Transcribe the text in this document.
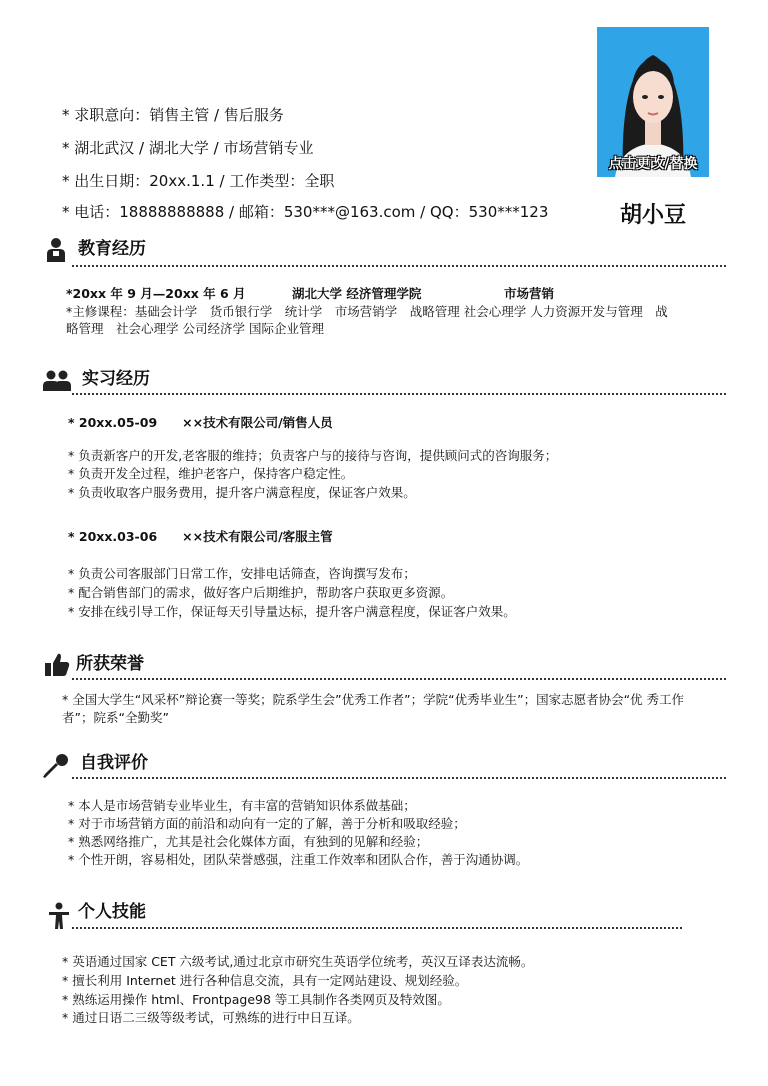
* 求职意向：销售主管 / 售后服务
* 湖北武汉 / 湖北大学 / 市场营销专业
* 出生日期：20xx.1.1 / 工作类型：全职
* 电话：18888888888 / 邮箱：530***@163.com / QQ：530***123
点击更改/替换
胡小豆
教育经历
*20xx 年 9 月—20xx 年 6 月	湖北大学 经济管理学院	市场营销
*主修课程：基础会计学　货币银行学　统计学　市场营销学　战略管理 社会心理学 人力资源开发与管理　战
略管理　社会心理学 公司经济学 国际企业管理
实习经历
* 20xx.05-09　　××技术有限公司/销售人员
* 负责新客户的开发,老客服的维持；负责客户与的接待与咨询，提供顾问式的咨询服务；
* 负责开发全过程，维护老客户，保持客户稳定性。
* 负责收取客户服务费用，提升客户满意程度，保证客户效果。
* 20xx.03-06　　××技术有限公司/客服主管
* 负责公司客服部门日常工作，安排电话筛查，咨询撰写发布；
* 配合销售部门的需求，做好客户后期维护，帮助客户获取更多资源。
* 安排在线引导工作，保证每天引导量达标，提升客户满意程度，保证客户效果。
所获荣誉
* 全国大学生“风采杯”辩论赛一等奖；院系学生会”优秀工作者”；学院“优秀毕业生”；国家志愿者协会“优 秀工作
者”；院系“全勤奖”
自我评价
* 本人是市场营销专业毕业生，有丰富的营销知识体系做基础；
* 对于市场营销方面的前沿和动向有一定的了解，善于分析和吸取经验；
* 熟悉网络推广，尤其是社会化媒体方面，有独到的见解和经验；
* 个性开朗，容易相处，团队荣誉感强，注重工作效率和团队合作，善于沟通协调。
个人技能
* 英语通过国家 CET 六级考试,通过北京市研究生英语学位统考，英汉互译表达流畅。
* 擅长利用 Internet 进行各种信息交流，具有一定网站建设、规划经验。
* 熟练运用操作 html、Frontpage98 等工具制作各类网页及特效图。
* 通过日语二三级等级考试，可熟练的进行中日互译。
